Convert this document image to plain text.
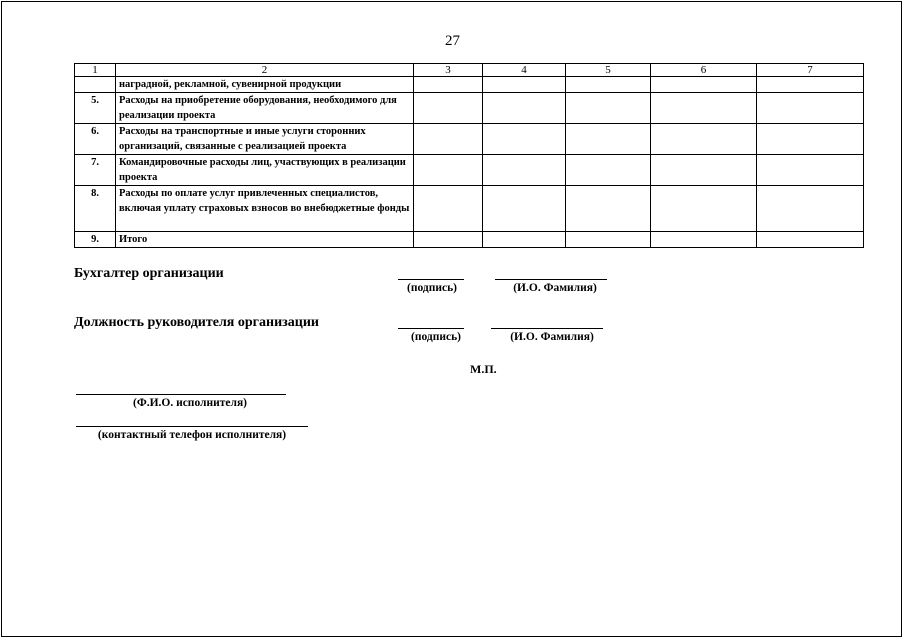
27
1	2	3	4	5	6	7
	наградной, рекламной, сувенирной продукции					
5.	Расходы на приобретение оборудования, необходимого для реализации проекта					
6.	Расходы на транспортные и иные услуги сторонних организаций, связанные с реализацией проекта					
7.	Командировочные расходы лиц, участвующих в реализации проекта					
8.	Расходы по оплате услуг привлеченных специалистов, включая уплату страховых взносов во внебюджетные фонды					
9.	Итого					
Бухгалтер организации
(подпись)	(И.О. Фамилия)
Должность руководителя организации
(подпись)	(И.О. Фамилия)
М.П.
(Ф.И.О. исполнителя)
(контактный телефон исполнителя)
